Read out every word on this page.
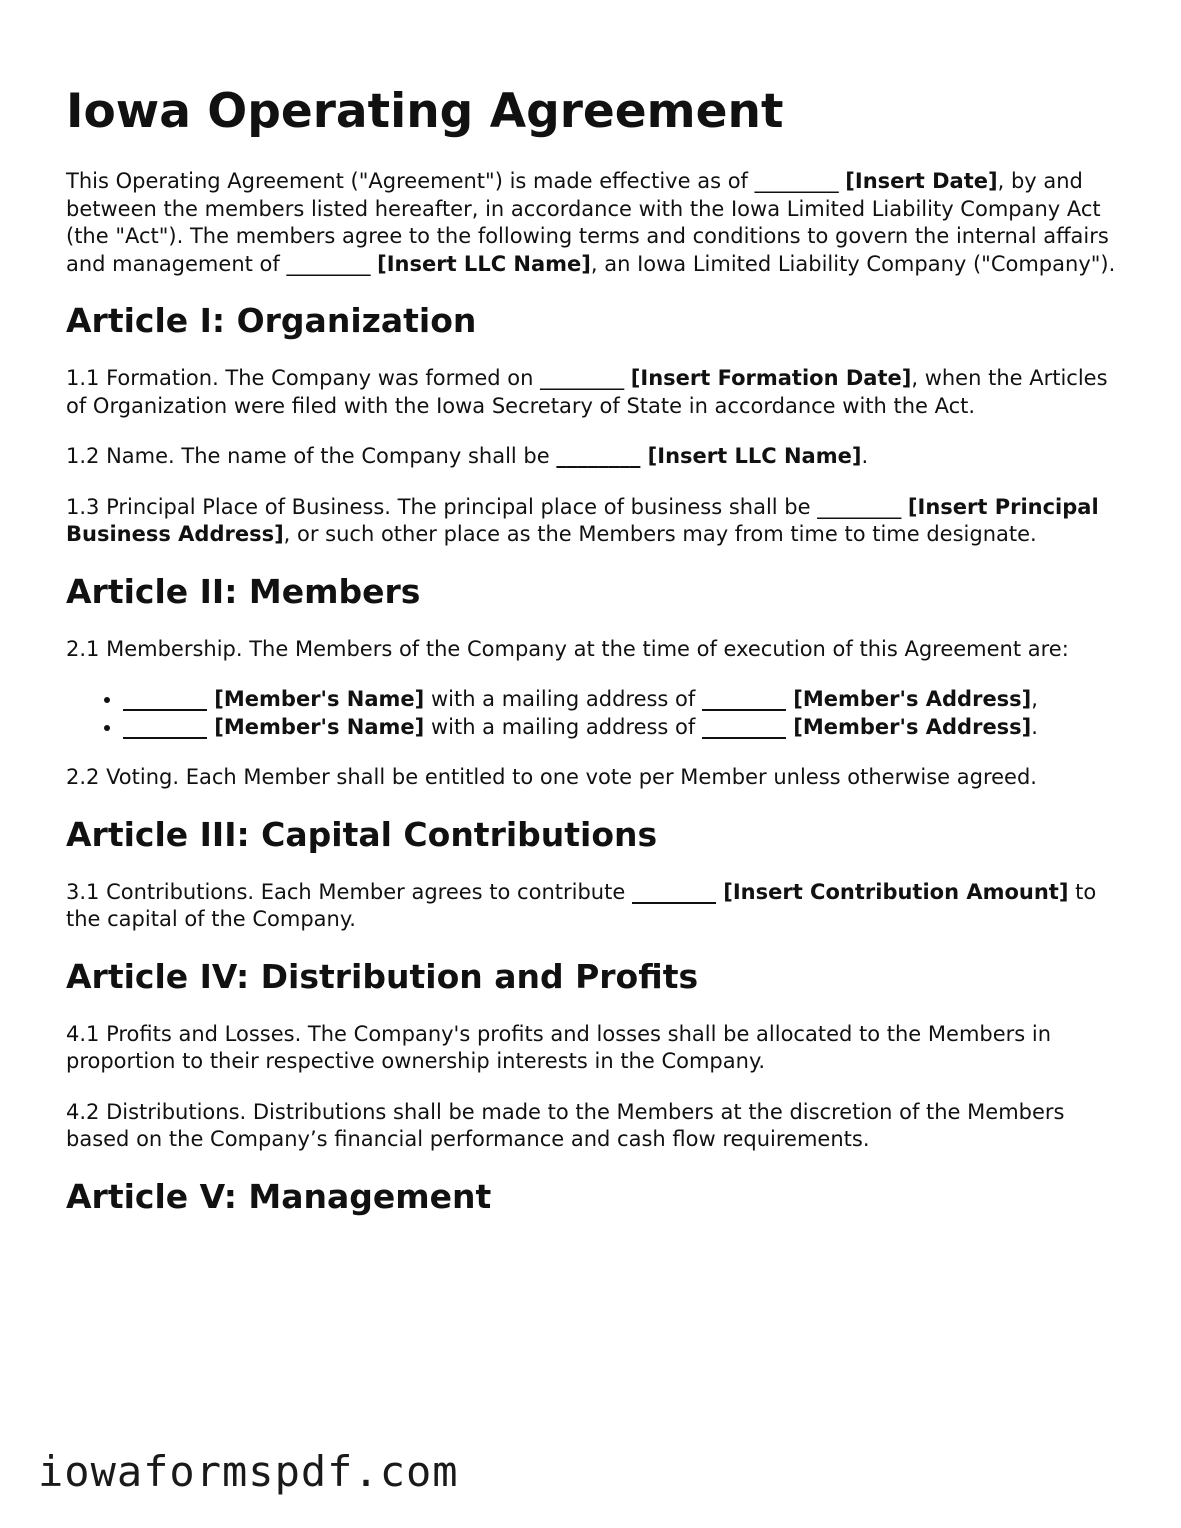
Iowa Operating Agreement

This Operating Agreement ("Agreement") is made effective as of ________ [Insert Date], by and between the members listed hereafter, in accordance with the Iowa Limited Liability Company Act (the "Act"). The members agree to the following terms and conditions to govern the internal affairs and management of ________ [Insert LLC Name], an Iowa Limited Liability Company ("Company").

Article I: Organization

1.1 Formation. The Company was formed on ________ [Insert Formation Date], when the Articles of Organization were filed with the Iowa Secretary of State in accordance with the Act.

1.2 Name. The name of the Company shall be ________ [Insert LLC Name].

1.3 Principal Place of Business. The principal place of business shall be ________ [Insert Principal Business Address], or such other place as the Members may from time to time designate.

Article II: Members

2.1 Membership. The Members of the Company at the time of execution of this Agreement are:

• ________ [Member's Name] with a mailing address of ________ [Member's Address],
• ________ [Member's Name] with a mailing address of ________ [Member's Address].

2.2 Voting. Each Member shall be entitled to one vote per Member unless otherwise agreed.

Article III: Capital Contributions

3.1 Contributions. Each Member agrees to contribute ________ [Insert Contribution Amount] to the capital of the Company.

Article IV: Distribution and Profits

4.1 Profits and Losses. The Company's profits and losses shall be allocated to the Members in proportion to their respective ownership interests in the Company.

4.2 Distributions. Distributions shall be made to the Members at the discretion of the Members based on the Company’s financial performance and cash flow requirements.

Article V: Management
iowaformspdf.com
